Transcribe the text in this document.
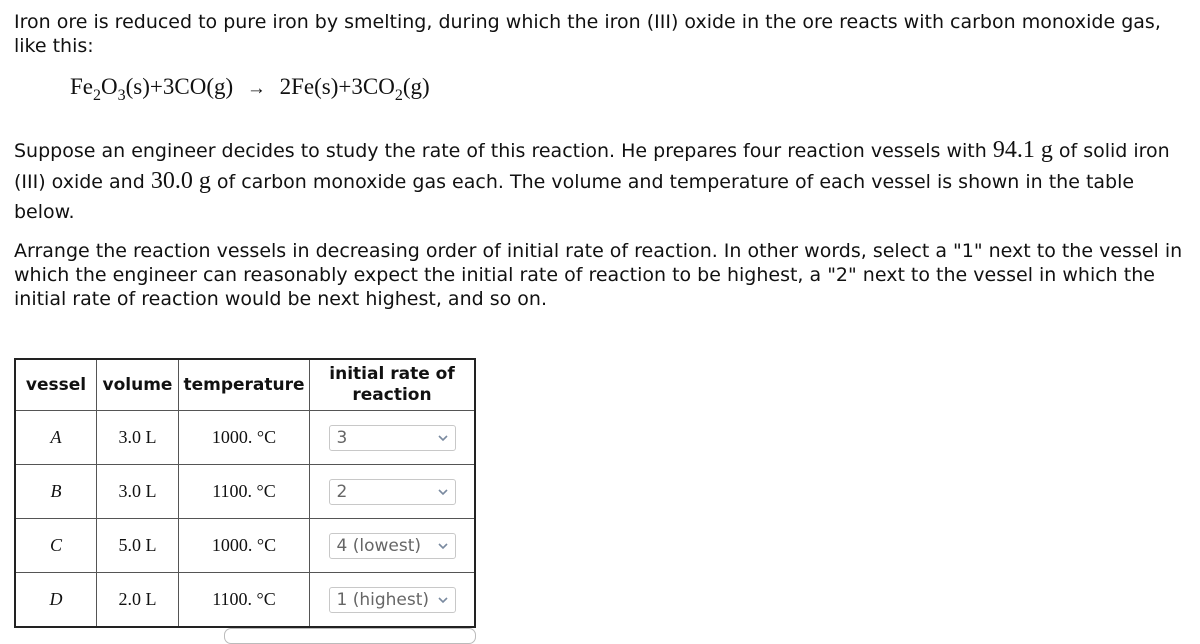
Iron ore is reduced to pure iron by smelting, during which the iron (III) oxide in the ore reacts with carbon monoxide gas, like this:

$Fe_2O_3(s)+3CO(g) \to 2Fe(s)+3CO_2(g)$

Suppose an engineer decides to study the rate of this reaction. He prepares four reaction vessels with 94.1 g of solid iron (III) oxide and 30.0 g of carbon monoxide gas each. The volume and temperature of each vessel is shown in the table below.

Arrange the reaction vessels in decreasing order of initial rate of reaction. In other words, select a "1" next to the vessel in which the engineer can reasonably expect the initial rate of reaction to be highest, a "2" next to the vessel in which the initial rate of reaction would be next highest, and so on.

vessel	volume	temperature	initial rate of reaction
A	3.0 L	1000. °C	3

B	3.0 L	1100. °C	2

C	5.0 L	1000. °C	4 (lowest)

D	2.0 L	1100. °C	1 (highest)
